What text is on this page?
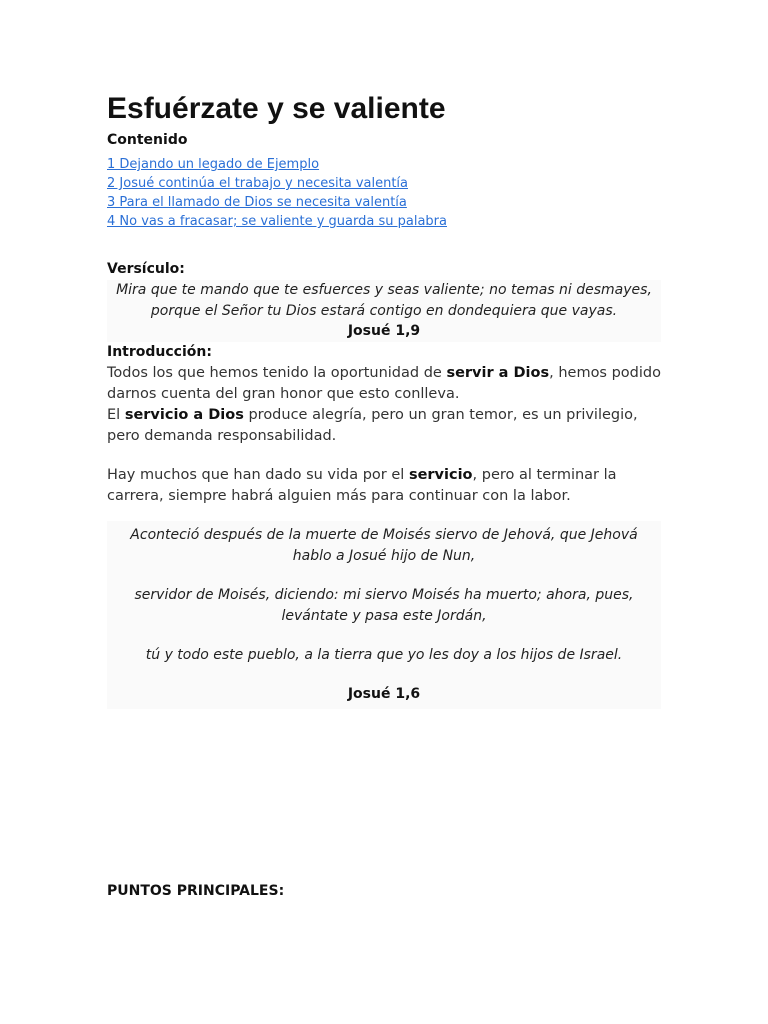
Esfuérzate y se valiente
Contenido
1 Dejando un legado de Ejemplo
2 Josué continúa el trabajo y necesita valentía
3 Para el llamado de Dios se necesita valentía
4 No vas a fracasar; se valiente y guarda su palabra
Versículo:
Mira que te mando que te esfuerces y seas valiente; no temas ni desmayes, porque el Señor tu Dios estará contigo en dondequiera que vayas.
Josué 1,9
Introducción:
Todos los que hemos tenido la oportunidad de servir a Dios, hemos podido darnos cuenta del gran honor que esto conlleva.
El servicio a Dios produce alegría, pero un gran temor, es un privilegio, pero demanda responsabilidad.
Hay muchos que han dado su vida por el servicio, pero al terminar la carrera, siempre habrá alguien más para continuar con la labor.

Aconteció después de la muerte de Moisés siervo de Jehová, que Jehová hablo a Josué hijo de Nun,

servidor de Moisés, diciendo: mi siervo Moisés ha muerto; ahora, pues, levántate y pasa este Jordán,

tú y todo este pueblo, a la tierra que yo les doy a los hijos de Israel.

Josué 1,6
PUNTOS PRINCIPALES:
